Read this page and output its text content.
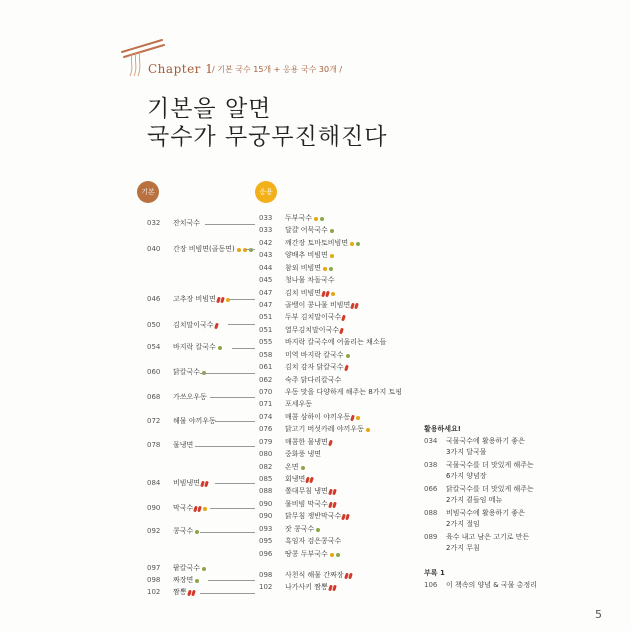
Chapter 1
/ 기본 국수 15개 + 응용 국수 30개 /
기본을 알면
국수가 무궁무진해진다
기본	응용
032	잔치국수
040	간장 비빔면(골동면)
046	고추장 비빔면
050	김치말이국수
054	바지락 칼국수
060	닭칼국수
068	가쓰오우동
072	해물 야끼우동
078	물냉면
084	비빔냉면
090	막국수
092	콩국수
097	팥칼국수
098	짜장면
102	짬뽕
033	두부국수
033	달걀 어묵국수
042	깨간장 토마토비빔면
043	양배추 비빔면
044	참외 비빔면
045	청나물 차돌국수
047	김치 비빔면
047	골뱅이 콩나물 비빔면
051	두부 김치말이국수
051	열무김치말이국수
055	바지락 칼국수에 어울리는 채소들
058	미역 바지락 칼국수
061	김치 감자 닭칼국수
062	숙주 닭다리칼국수
070	우동 맛을 다양하게 해주는 8가지 토핑
071	포세우동
074	매콤 삼하이 야끼우동
076	닭고기 버섯카레 야끼우동
079	매콤한 물냉면
080	중화풍 냉면
082	온면
085	회냉면
088	쫄대무침 냉면
090	물비빔 막국수
090	닭무침 쟁반막국수
093	잣 콩국수
095	흑임자 검은콩국수
096	땅콩 두부국수
098	사천식 해물 간짜장
102	나가사키 짬뽕
활용하세요!
034 국물국수에 활용하기 좋은
3가지 달국물
038 국물국수를 더 맛있게 해주는
6가지 양념장
066 닭칼국수를 더 맛있게 해주는
2가지 곁들임 메뉴
088 비빔국수에 활용하기 좋은
2가지 절임
089 육수 내고 남은 고기로 만든
2가지 무침
부록 1
106 이 책속의 양념 & 국물 총정리
5
